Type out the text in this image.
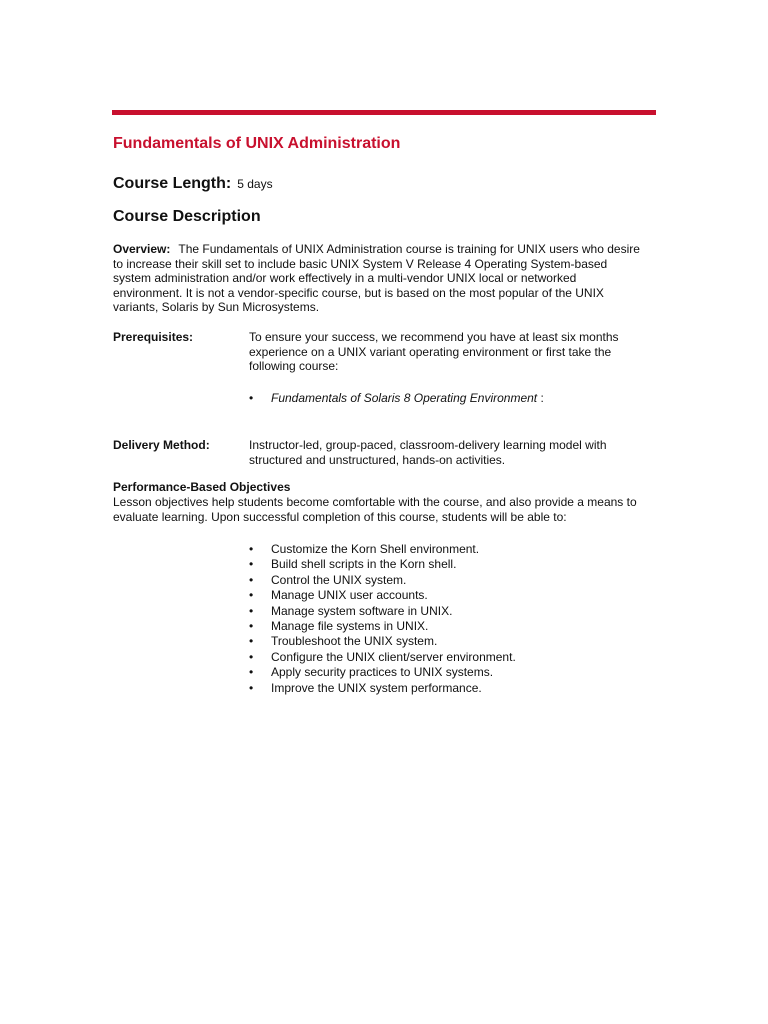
Fundamentals of UNIX Administration

Course Length: 5 days

Course Description

Overview: The Fundamentals of UNIX Administration course is training for UNIX users who desire to increase their skill set to include basic UNIX System V Release 4 Operating System-based system administration and/or work effectively in a multi-vendor UNIX local or networked environment. It is not a vendor-specific course, but is based on the most popular of the UNIX variants, Solaris by Sun Microsystems.

Prerequisites:	To ensure your success, we recommend you have at least six months experience on a UNIX variant operating environment or first take the following course:

•	Fundamentals of Solaris 8 Operating Environment :

Delivery Method:	Instructor-led, group-paced, classroom-delivery learning model with structured and unstructured, hands-on activities.

Performance-Based Objectives

Lesson objectives help students become comfortable with the course, and also provide a means to evaluate learning. Upon successful completion of this course, students will be able to:

•	Customize the Korn Shell environment.
•	Build shell scripts in the Korn shell.
•	Control the UNIX system.
•	Manage UNIX user accounts.
•	Manage system software in UNIX.
•	Manage file systems in UNIX.
•	Troubleshoot the UNIX system.
•	Configure the UNIX client/server environment.
•	Apply security practices to UNIX systems.
•	Improve the UNIX system performance.
